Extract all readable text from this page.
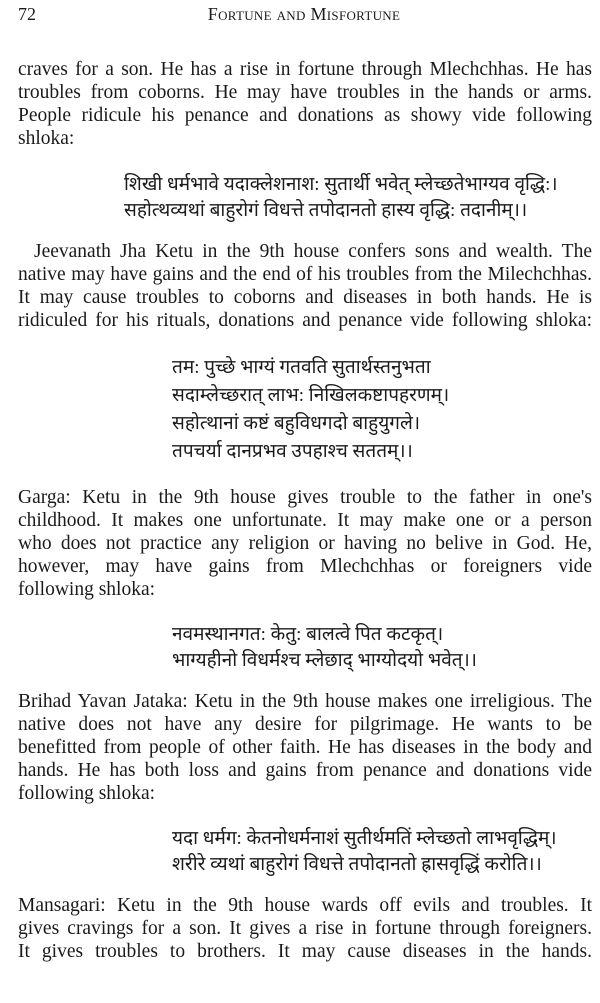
72	Fortune and Misfortune
craves for a son. He has a rise in fortune through Mlechchhas. He has
troubles from coborns. He may have troubles in the hands or arms.
People ridicule his penance and donations as showy vide following
shloka:
शिखी धर्मभावे यदाक्लेशनाश: सुतार्थी भवेत् म्लेच्छतेभाग्यव वृद्धि:।
सहोत्थव्यथां बाहुरोगं विधत्ते तपोदानतो हास्य वृद्धि: तदानीम्।।
Jeevanath Jha Ketu in the 9th house confers sons and wealth. The
native may have gains and the end of his troubles from the Milechchhas.
It may cause troubles to coborns and diseases in both hands. He is
ridiculed for his rituals, donations and penance vide following shloka:
तम: पुच्छे भाग्यं गतवति सुतार्थस्तनुभता
सदाम्लेच्छरात् लाभ: निखिलकष्टापहरणम्।
सहोत्थानां कष्टं बहुविधगदो बाहुयुगले।
तपचर्या दानप्रभव उपहाश्च सततम्।।
Garga: Ketu in the 9th house gives trouble to the father in one's
childhood. It makes one unfortunate. It may make one or a person
who does not practice any religion or having no belive in God. He,
however, may have gains from Mlechchhas or foreigners vide
following shloka:
नवमस्थानगत: केतु: बालत्वे पित कटकृत्।
भाग्यहीनो विधर्मश्च म्लेछाद् भाग्योदयो भवेत्।।
Brihad Yavan Jataka: Ketu in the 9th house makes one irreligious. The
native does not have any desire for pilgrimage. He wants to be
benefitted from people of other faith. He has diseases in the body and
hands. He has both loss and gains from penance and donations vide
following shloka:
यदा धर्मग: केतनोधर्मनाशं सुतीर्थमतिं म्लेच्छतो लाभवृद्धिम्।
शरीरे व्यथां बाहुरोगं विधत्ते तपोदानतो ह्रासवृद्धिं करोति।।
Mansagari: Ketu in the 9th house wards off evils and troubles. It
gives cravings for a son. It gives a rise in fortune through foreigners.
It gives troubles to brothers. It may cause diseases in the hands.
